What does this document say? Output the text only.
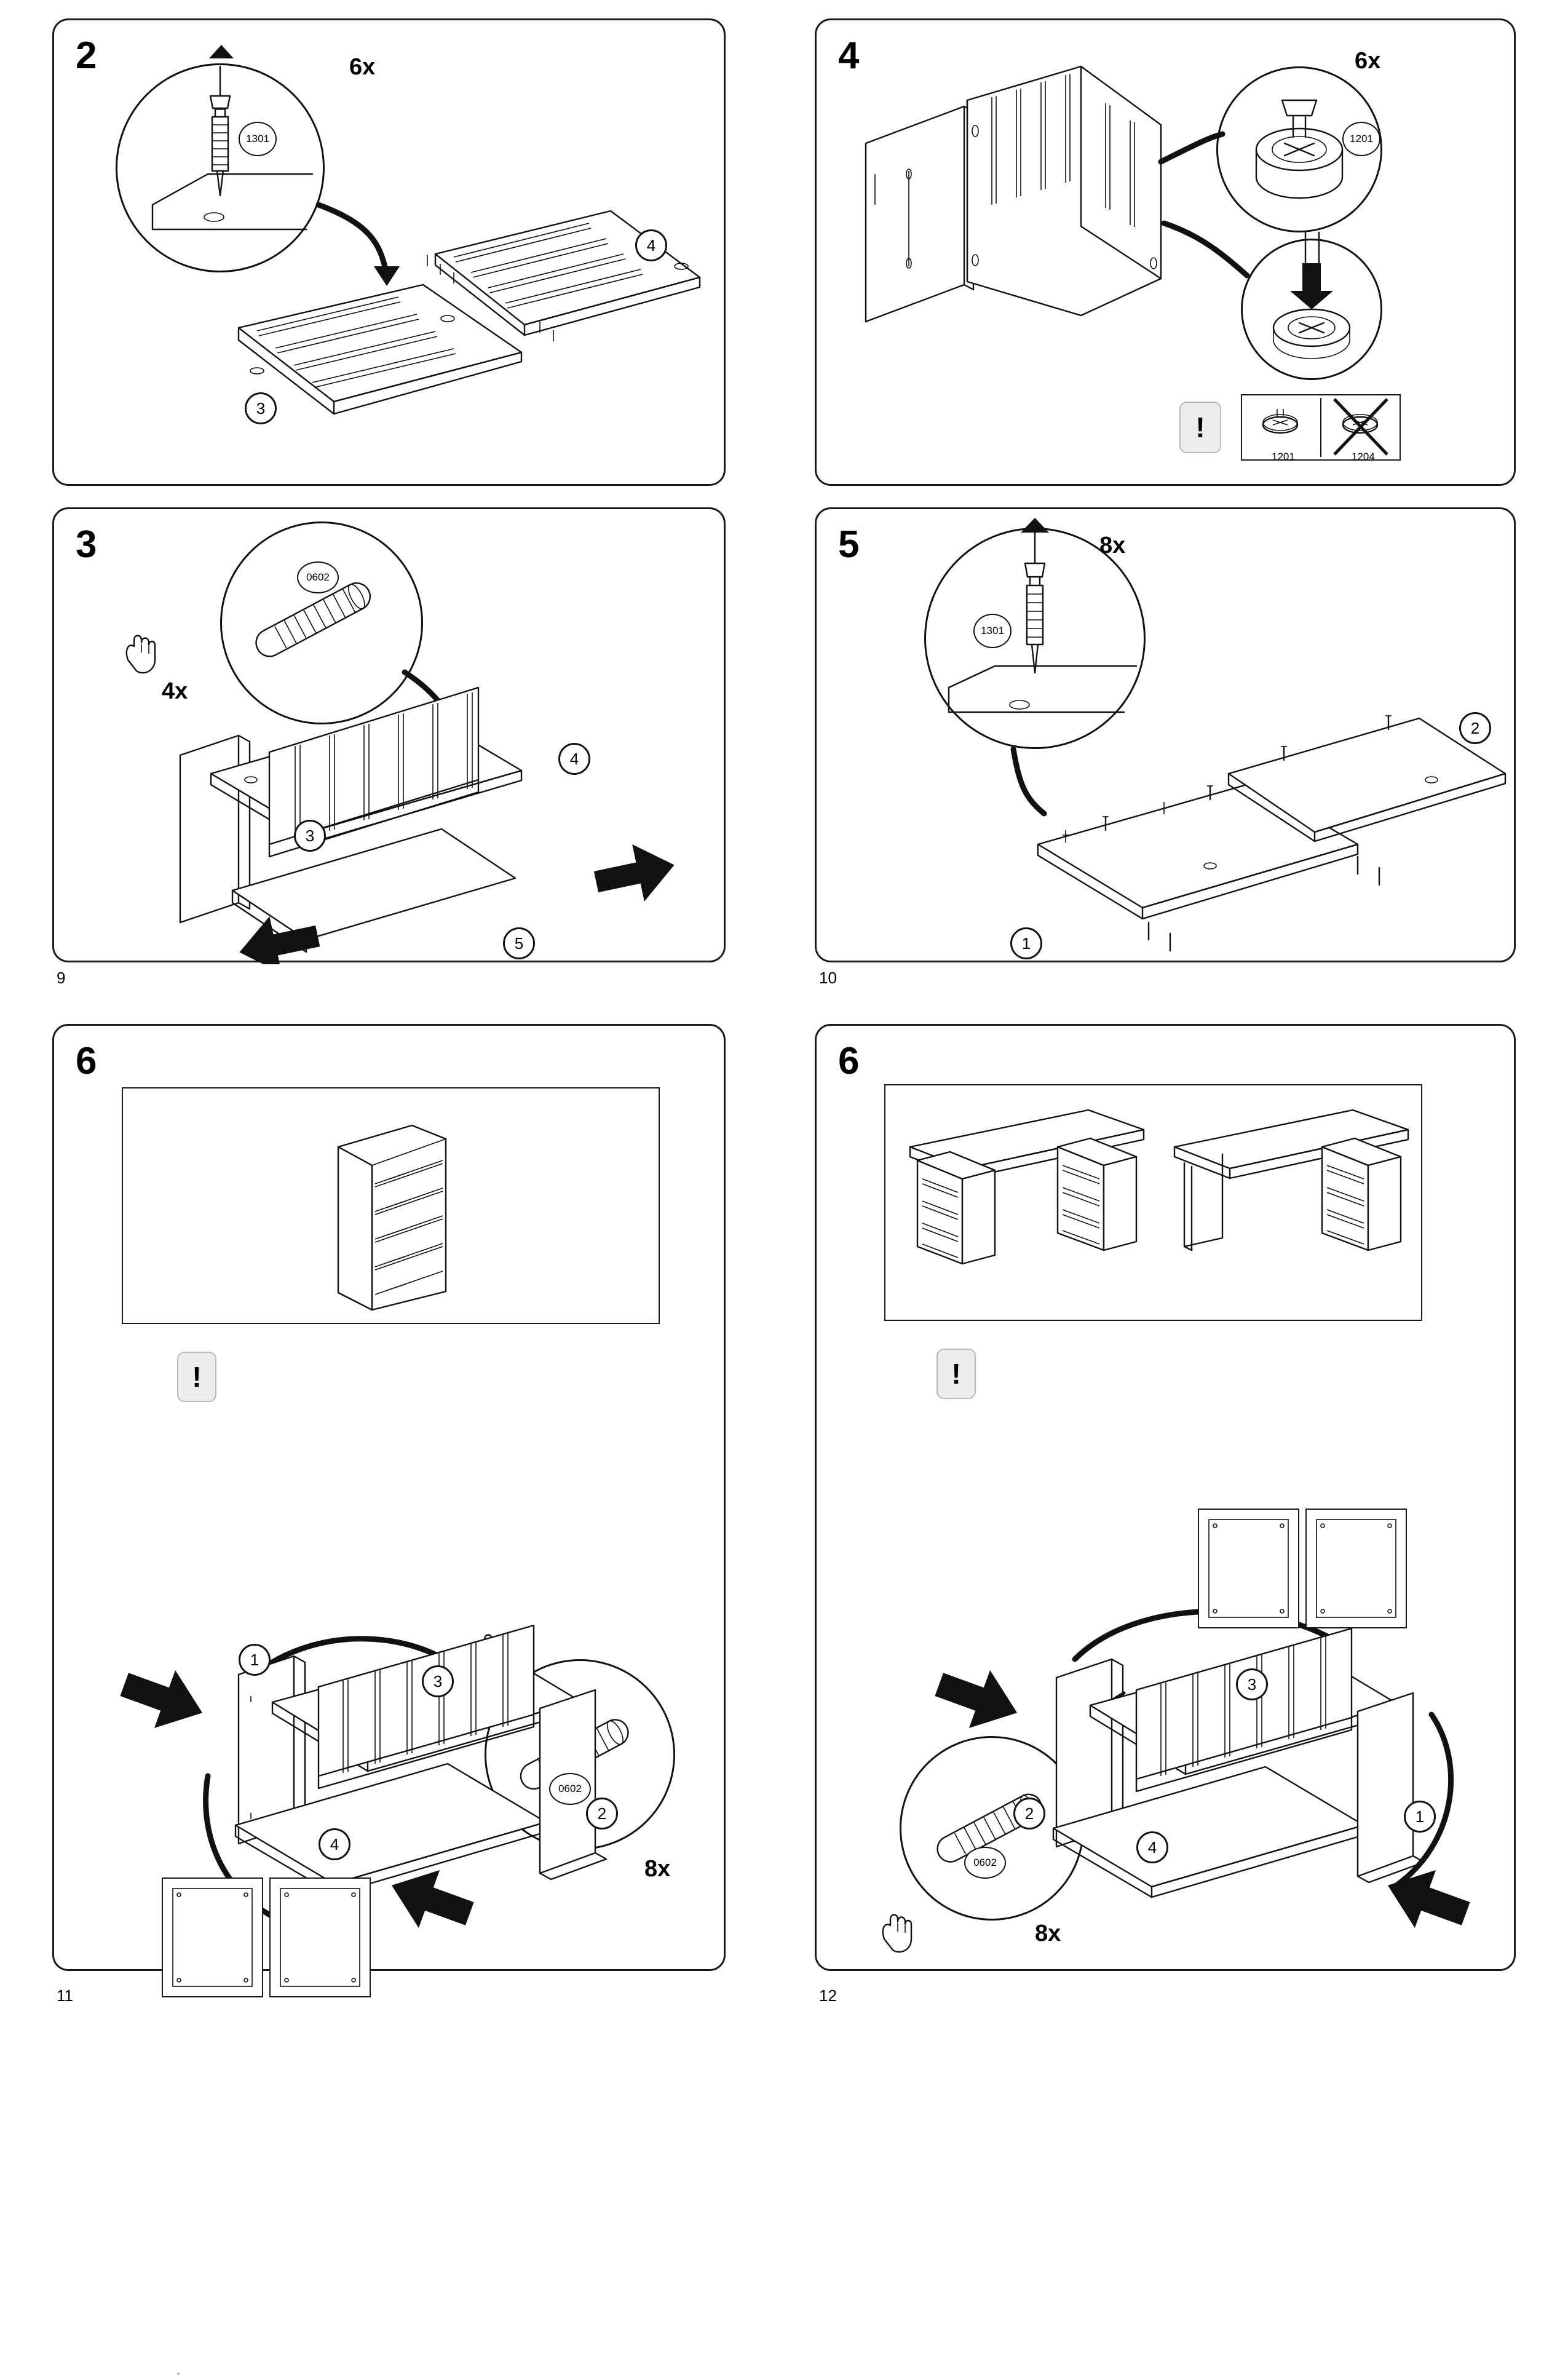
2	6x
1301
4
3
4	6x
1201
!
1201	1204
3
4x
0602
4
3
5
9
5	8x
1301
2
1
10
6
!
8x
0602
1
3
2
4
11
6
!
8x
0602
2
3
1
4
12
